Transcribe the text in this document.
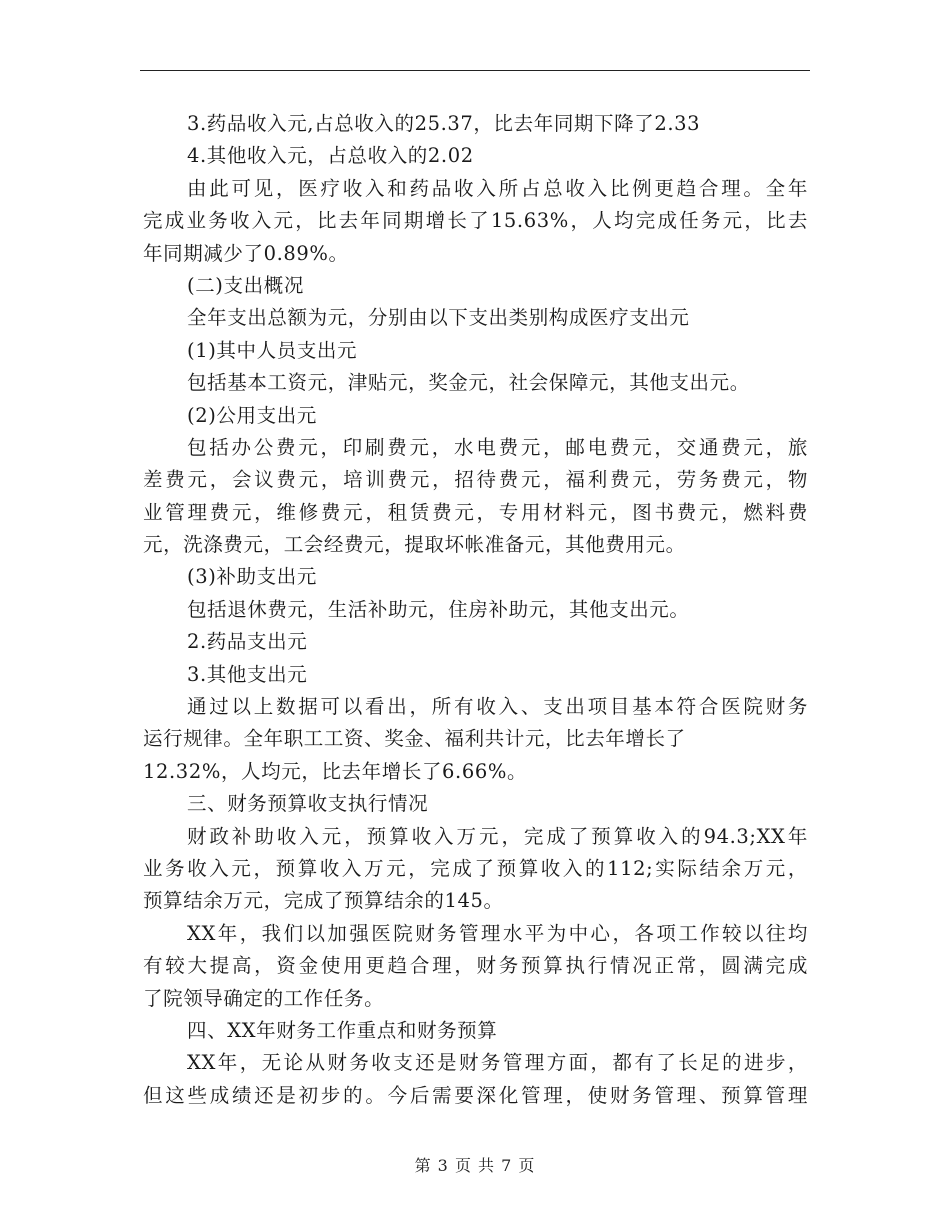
3.药品收入元,占总收入的25.37，比去年同期下降了2.33
4.其他收入元，占总收入的2.02
由此可见，医疗收入和药品收入所占总收入比例更趋合理。全年
完成业务收入元，比去年同期增长了15.63%，人均完成任务元，比去
年同期减少了0.89%。
(二)支出概况
全年支出总额为元，分别由以下支出类别构成医疗支出元
(1)其中人员支出元
包括基本工资元，津贴元，奖金元，社会保障元，其他支出元。
(2)公用支出元
包括办公费元，印刷费元，水电费元，邮电费元，交通费元，旅
差费元，会议费元，培训费元，招待费元，福利费元，劳务费元，物
业管理费元，维修费元，租赁费元，专用材料元，图书费元，燃料费
元，洗涤费元，工会经费元，提取坏帐准备元，其他费用元。
(3)补助支出元
包括退休费元，生活补助元，住房补助元，其他支出元。
2.药品支出元
3.其他支出元
通过以上数据可以看出，所有收入、支出项目基本符合医院财务
运行规律。全年职工工资、奖金、福利共计元，比去年增长了
12.32%，人均元，比去年增长了6.66%。
三、财务预算收支执行情况
财政补助收入元，预算收入万元，完成了预算收入的94.3;XX年
业务收入元，预算收入万元，完成了预算收入的112;实际结余万元，
预算结余万元，完成了预算结余的145。
XX年，我们以加强医院财务管理水平为中心，各项工作较以往均
有较大提高，资金使用更趋合理，财务预算执行情况正常，圆满完成
了院领导确定的工作任务。
四、XX年财务工作重点和财务预算
XX年，无论从财务收支还是财务管理方面，都有了长足的进步，
但这些成绩还是初步的。今后需要深化管理，使财务管理、预算管理
第 3 页 共 7 页
